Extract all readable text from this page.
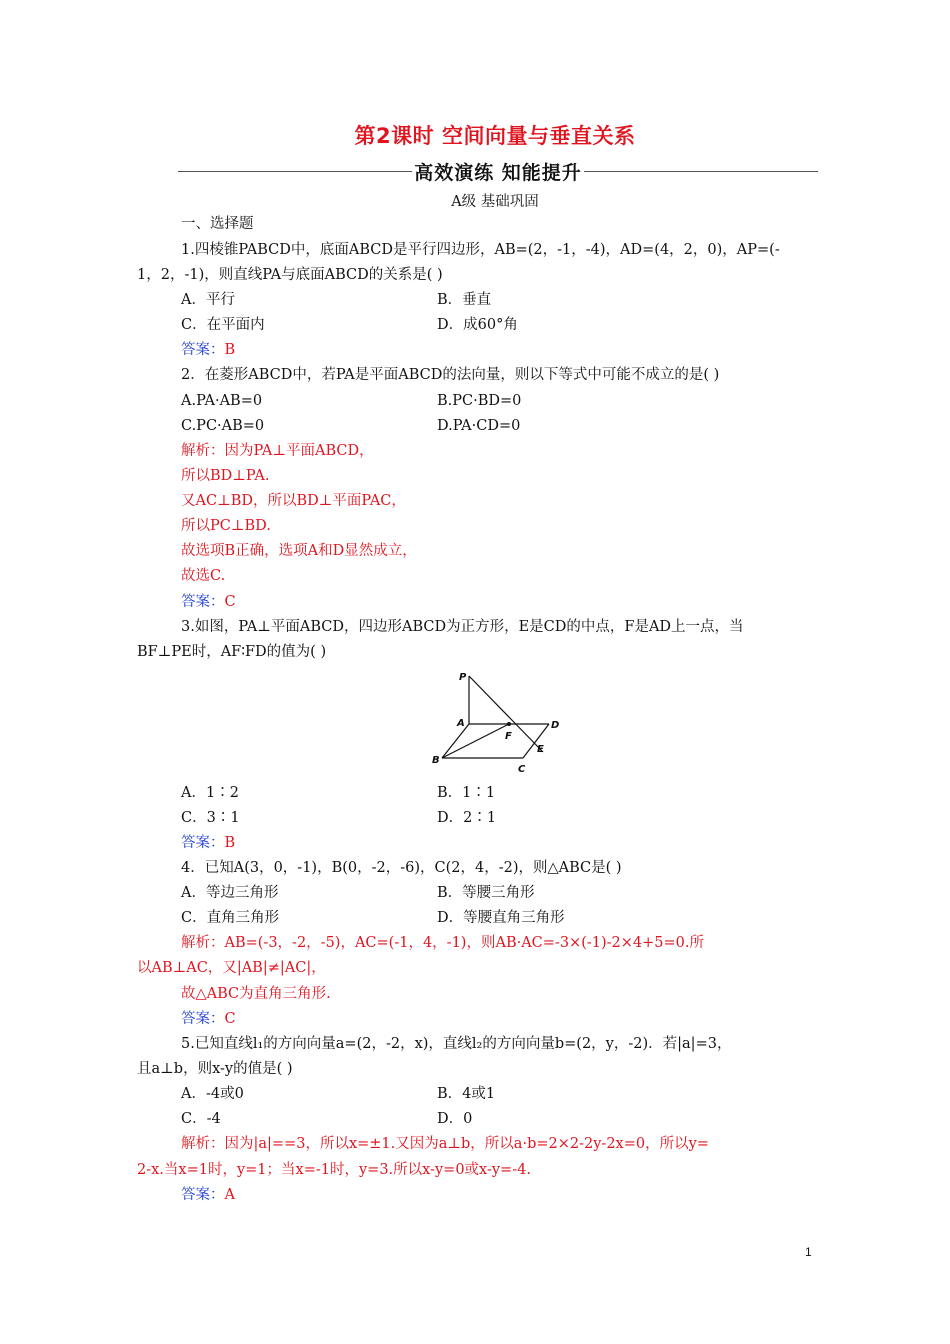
第2课时 空间向量与垂直关系
高效演练 知能提升
A级 基础巩固
一、选择题
1.四棱锥PABCD中，底面ABCD是平行四边形，AB=(2，-1，-4)，AD=(4，2，0)，AP=(-
1，2，-1)，则直线PA与底面ABCD的关系是( )
A．平行	B．垂直
C．在平面内	D．成60°角
答案：B
2．在菱形ABCD中，若PA是平面ABCD的法向量，则以下等式中可能不成立的是( )
A.PA·AB=0	B.PC·BD=0
C.PC·AB=0	D.PA·CD=0
解析：因为PA⊥平面ABCD，
所以BD⊥PA.
又AC⊥BD，所以BD⊥平面PAC，
所以PC⊥BD.
故选项B正确，选项A和D显然成立，
故选C.
答案：C
3.如图，PA⊥平面ABCD，四边形ABCD为正方形，E是CD的中点，F是AD上一点，当
BF⊥PE时，AF∶FD的值为( )
P
A	D
F
E
B
C
A．1∶2	B．1∶1
C．3∶1	D．2∶1
答案：B
4．已知A(3，0，-1)，B(0，-2，-6)，C(2，4，-2)，则△ABC是( )
A．等边三角形	B．等腰三角形
C．直角三角形	D．等腰直角三角形
解析：AB=(-3，-2，-5)，AC=(-1，4，-1)，则AB·AC=-3×(-1)-2×4+5=0.所
以AB⊥AC，又|AB|≠|AC|，
故△ABC为直角三角形.
答案：C
5.已知直线l₁的方向向量a=(2，-2，x)，直线l₂的方向向量b=(2，y，-2)．若|a|=3，
且a⊥b，则x-y的值是( )
A．-4或0	B．4或1
C．-4	D．0
解析：因为|a|==3，所以x=±1.又因为a⊥b，所以a·b=2×2-2y-2x=0，所以y=
2-x.当x=1时，y=1；当x=-1时，y=3.所以x-y=0或x-y=-4.
答案：A
1
